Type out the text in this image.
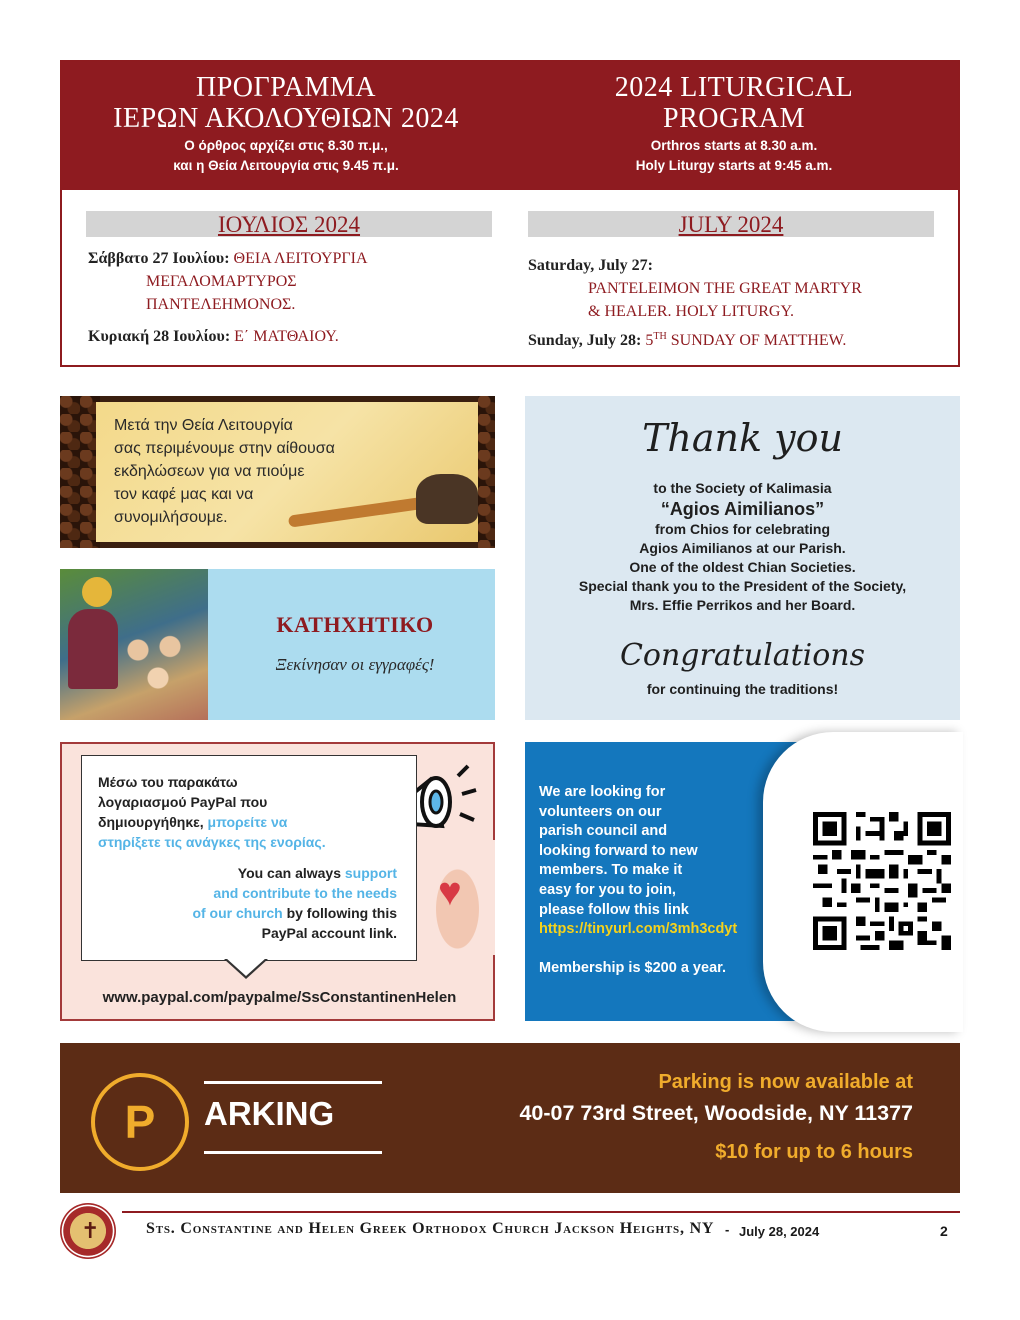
ΠΡΟΓΡΑΜΜΑ
ΙΕΡΩΝ ΑΚΟΛΟΥΘΙΩΝ 2024
Ο όρθρος αρχίζει στις 8.30 π.μ.,
και η Θεία Λειτουργία στις 9.45 π.μ.
2024 LITURGICAL
PROGRAM
Orthros starts at 8.30 a.m.
Holy Liturgy starts at 9:45 a.m.
ΙΟΥΛΙΟΣ 2024	JULY 2024
Σάββατο 27 Ιουλίου: ΘΕΙΑ ΛΕΙΤΟΥΡΓΙΑ
ΜΕΓΑΛΟΜΑΡΤΥΡΟΣ
ΠΑΝΤΕΛΕΗΜΟΝΟΣ.
Κυριακή 28 Ιουλίου: Ε΄ ΜΑΤΘΑΙΟΥ.
Saturday, July 27:
PANTELEIMON THE GREAT MARTYR
& HEALER. HOLY LITURGY.
Sunday, July 28: 5TH SUNDAY OF MATTHEW.
Μετά την Θεία Λειτουργία
σας περιμένουμε στην αίθουσα
εκδηλώσεων για να πιούμε
τον καφέ μας και να
συνομιλήσουμε.
ΚΑΤΗΧΗΤΙΚΟ
Ξεκίνησαν οι εγγραφές!
Thank you
to the Society of Kalimasia
“Agios Aimilianos”
from Chios for celebrating
Agios Aimilianos at our Parish.
One of the oldest Chian Societies.
Special thank you to the President of the Society,
Mrs. Effie Perrikos and her Board.
Congratulations
for continuing the traditions!
♥
Μέσω του παρακάτω
λογαριασμού PayPal που
δημιουργήθηκε, μπορείτε να
στηρίξετε τις ανάγκες της ενορίας.
You can always support
and contribute to the needs
of our church by following this
PayPal account link.
www.paypal.com/paypalme/SsConstantinenHelen
We are looking for
volunteers on our
parish council and
looking forward to new
members. To make it
easy for you to join,
please follow this link
https://tinyurl.com/3mh3cdyt
Membership is $200 a year.
P	ARKING
Parking is now available at
40-07 73rd Street, Woodside, NY 11377
$10 for up to 6 hours
✝	Sts. Constantine and Helen Greek Orthodox Church Jackson Heights, NY - July 28, 2024	2
